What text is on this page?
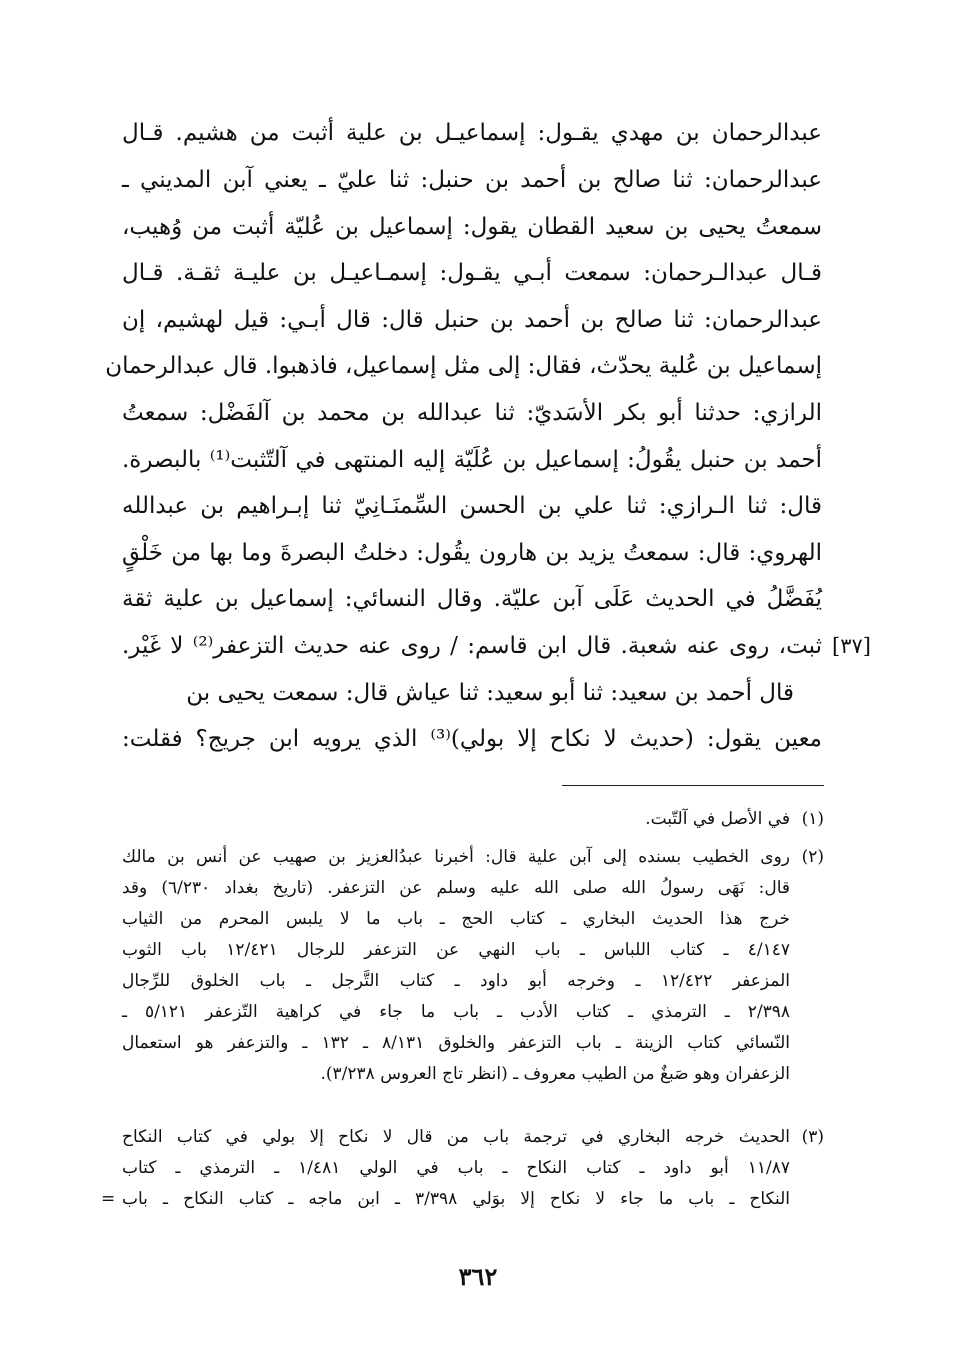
عبدالرحمان بن مهدي يقـول: إسماعيـل بن علية أثبت من هشيم. قـال
عبدالرحمان: ثنا صالح بن أحمد بن حنبل: ثنا عليّ ـ يعني آبن المديني ـ
سمعتُ يحيى بن سعيد القطان يقول: إسماعيل بن عُليّة أثبت من وُهيب،
قـال عبدالـرحمان: سمعت أبـي يقـول: إسمـاعيـل بن عليـة ثقـة. قـال
عبدالرحمان: ثنا صالح بن أحمد بن حنبل قال: قال أبـي: قيل لهشيم، إن
إسماعيل بن عُلية يحدّث، فقال: إلى مثل إسماعيل، فاذهبوا. قال عبدالرحمان
الرازي: حدثنا أبو بكر الأسَديّ: ثنا عبدالله بن محمد بن آلفَضْل: سمعتُ
أحمد بن حنبل يقُولُ: إسماعيل بن عُلَيّة إليه المنتهى في آلتّثبت⁽¹⁾ بالبصرة.
قال: ثنا الـرازي: ثنا علي بن الحسن السِّمنَـانِيّ ثنا إبـراهيم بن عبدالله
الهروي: قال: سمعتُ يزيد بن هارون يقُول: دخلتُ البصرةَ وما بها من خَلْقٍ
يُفَضَّلُ في الحديث عَلَى آبن عليّة. وقال النسائي: إسماعيل بن علية ثقة
ثبت، روى عنه شعبة. قال ابن قاسم: / روى عنه حديث التزعفر⁽²⁾ لا غَيْر.
قال أحمد بن سعيد: ثنا أبو سعيد: ثنا عياش قال: سمعت يحيى بن
معين يقول: (حديث لا نكاح إلا بولي)⁽³⁾ الذي يرويه ابن جريج؟ فقلت:
[٣٧]
(١)
في الأصل في آلتّبت.
(٢)
روى الخطيب بسنده إلى آبن علية قال: أخبرنا عبدُالعزيز بن صهيب عن أنس بن مالك
قال: نَهَى رسولُ الله صلى الله عليه وسلم عن التزعفر. (تاريخ بغداد ٦/٢٣٠) وقد
خرج هذا الحديث البخاري ـ كتاب الحج ـ باب ما لا يلبس المحرم من الثياب
٤/١٤٧ ـ كتاب اللباس ـ باب النهي عن التزعفر للرجال ١٢/٤٢١ باب الثوب
المزعفر ١٢/٤٢٢ ـ وخرجه أبو داود ـ كتاب التَّرجل ـ باب الخلوق للرِّجال
٢/٣٩٨ ـ الترمذي ـ كتاب الأدب ـ باب ما جاء في كراهية التّزعفر ٥/١٢١ ـ
النّسائي كتاب الزينة ـ باب التزعفر والخلوق ٨/١٣١ ـ ١٣٢ ـ والتزعفر هو استعمال
الزعفران وهو صَبغٌ من الطيب معروف ـ (انظر تاج العروس ٣/٢٣٨).
(٣)
الحديث خرجه البخاري في ترجمة باب من قال لا نكاح إلا بولي في كتاب النكاح
١١/٨٧ أبو داود ـ كتاب النكاح ـ باب في الولي ١/٤٨١ ـ الترمذي ـ كتاب
النكاح ـ باب ما جاء لا نكاح إلا بوَلي ٣/٣٩٨ ـ ابن ماجه ـ كتاب النكاح ـ باب
=
٣٦٢
